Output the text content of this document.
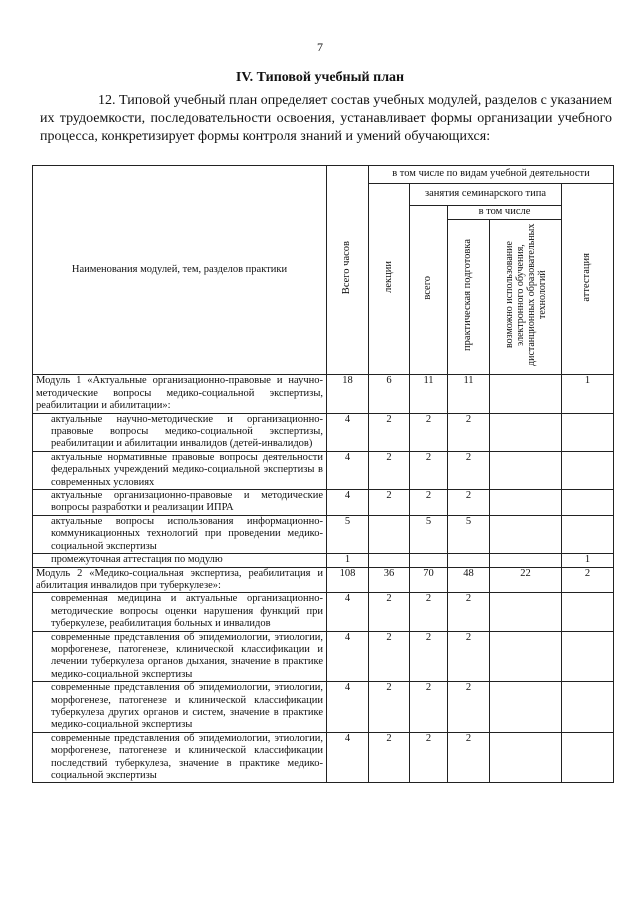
7
IV. Типовой учебный план

12. Типовой учебный план определяет состав учебных модулей, разделов с указанием их трудоемкости, последовательности освоения, устанавливает формы организации учебного процесса, конкретизирует формы контроля знаний и умений обучающихся:

Наименования модулей, тем, разделов практики	Всего часов	в том числе по видам учебной деятельности				
		лекции	занятия семинарского типа			аттестация
			всего	в том числе		
				практическая подготовка	возможно использование электронного обучения, дистанционных образовательных технологий	
Модуль 1 «Актуальные организационно-правовые и научно-методические вопросы медико-социальной экспертизы, реабилитации и абилитации»:	18	6	11	11		1
актуальные научно-методические и организационно-правовые вопросы медико-социальной экспертизы, реабилитации и абилитации инвалидов (детей-инвалидов)	4	2	2	2		
актуальные нормативные правовые вопросы деятельности федеральных учреждений медико-социальной экспертизы в современных условиях	4	2	2	2		
актуальные организационно-правовые и методические вопросы разработки и реализации ИПРА	4	2	2	2		
актуальные вопросы использования информационно-коммуникационных технологий при проведении медико-социальной экспертизы	5		5	5		
промежуточная аттестация по модулю	1					1
Модуль 2 «Медико-социальная экспертиза, реабилитация и абилитация инвалидов при туберкулезе»:	108	36	70	48	22	2
современная медицина и актуальные организационно-методические вопросы оценки нарушения функций при туберкулезе, реабилитация больных и инвалидов	4	2	2	2		
современные представления об эпидемиологии, этиологии, морфогенезе, патогенезе, клинической классификации и лечении туберкулеза органов дыхания, значение в практике медико-социальной экспертизы	4	2	2	2		
современные представления об эпидемиологии, этиологии, морфогенезе, патогенезе и клинической классификации туберкулеза других органов и систем, значение в практике медико-социальной экспертизы	4	2	2	2		
современные представления об эпидемиологии, этиологии, морфогенезе, патогенезе и клинической классификации последствий туберкулеза, значение в практике медико-социальной экспертизы	4	2	2	2		
